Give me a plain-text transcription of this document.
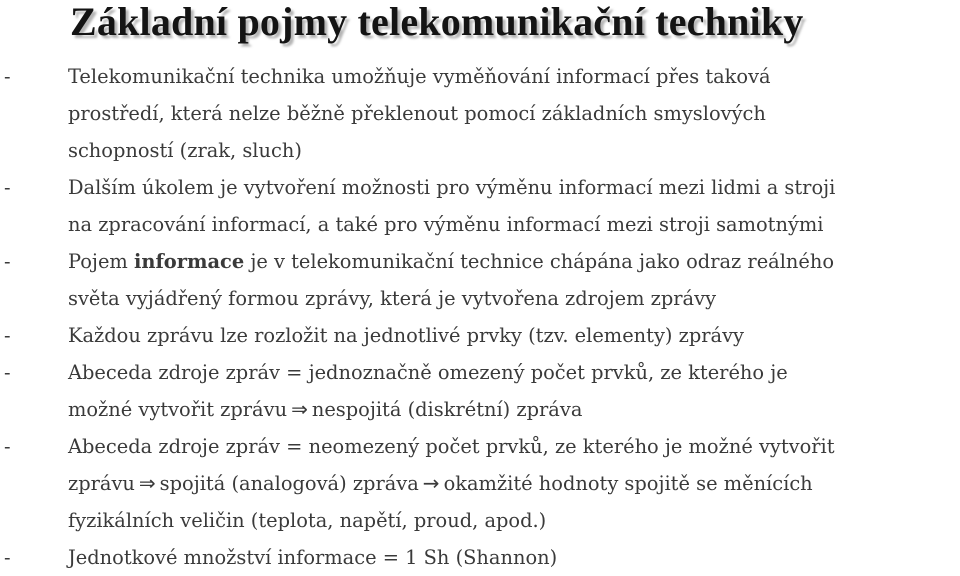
Základní pojmy telekomunikační techniky
-	Telekomunikační technika umožňuje vyměňování informací přes taková
prostředí, která nelze běžně překlenout pomocí základních smyslových
schopností (zrak, sluch)
-	Dalším úkolem je vytvoření možnosti pro výměnu informací mezi lidmi a stroji
na zpracování informací, a také pro výměnu informací mezi stroji samotnými
-	Pojem informace je v telekomunikační technice chápána jako odraz reálného
světa vyjádřený formou zprávy, která je vytvořena zdrojem zprávy
-	Každou zprávu lze rozložit na jednotlivé prvky (tzv. elementy) zprávy
-	Abeceda zdroje zpráv = jednoznačně omezený počet prvků, ze kterého je
možné vytvořit zprávu ⇒ nespojitá (diskrétní) zpráva
-	Abeceda zdroje zpráv = neomezený počet prvků, ze kterého je možné vytvořit
zprávu ⇒ spojitá (analogová) zpráva → okamžité hodnoty spojitě se měnících
fyzikálních veličin (teplota, napětí, proud, apod.)
-	Jednotkové množství informace = 1 Sh (Shannon)
